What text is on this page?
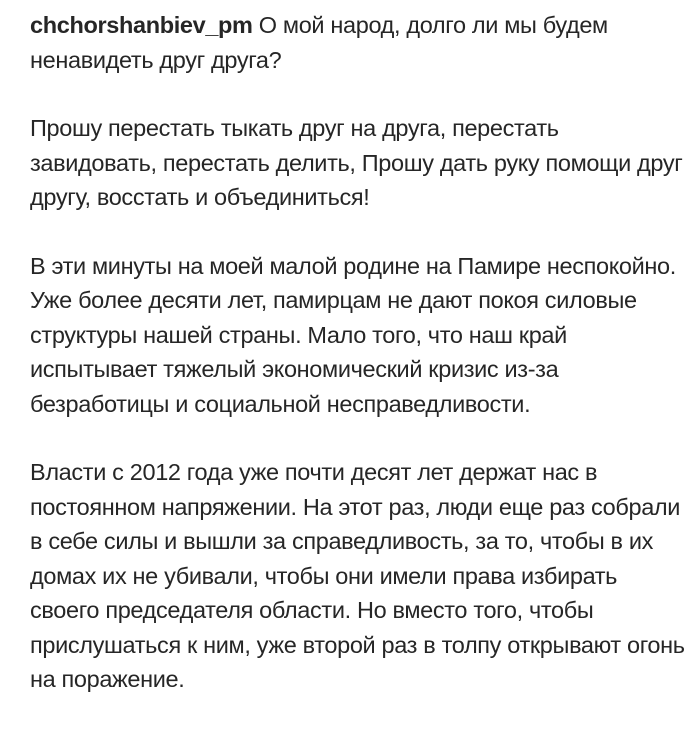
chchorshanbiev_pm О мой народ, долго ли мы будем ненавидеть друг друга?

Прошу перестать тыкать друг на друга, перестать завидовать, перестать делить, Прошу дать руку помощи друг другу, восстать и объединиться!

В эти минуты на моей малой родине на Памире неспокойно. Уже более десяти лет, памирцам не дают покоя силовые структуры нашей страны. Мало того, что наш край испытывает тяжелый экономический кризис из-за безработицы и социальной несправедливости.

Власти с 2012 года уже почти десят лет держат нас в постоянном напряжении. На этот раз, люди еще раз собрали в себе силы и вышли за справедливость, за то, чтобы в их домах их не убивали, чтобы они имели права избирать своего председателя области. Но вместо того, чтобы прислушаться к ним, уже второй раз в толпу открывают огонь на поражение.
